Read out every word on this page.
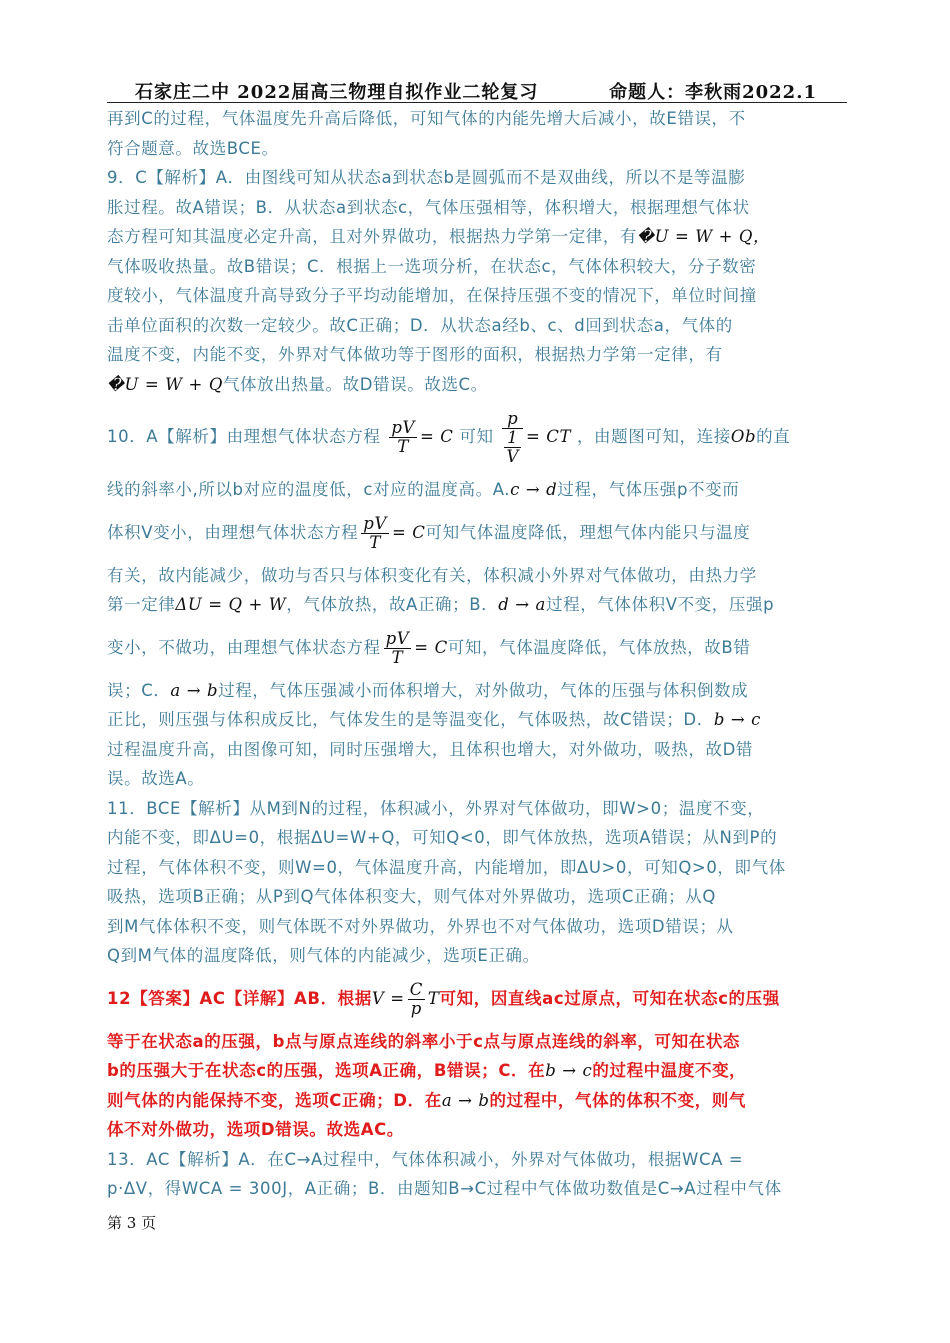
石家庄二中 2022届高三物理自拟作业二轮复习	命题人：李秋雨2022.1
再到C的过程，气体温度先升高后降低，可知气体的内能先增大后减小，故E错误，不
符合题意。故选BCE。
9．C【解析】A．由图线可知从状态a到状态b是圆弧而不是双曲线，所以不是等温膨
胀过程。故A错误；B．从状态a到状态c，气体压强相等，体积增大，根据理想气体状
态方程可知其温度必定升高，且对外界做功，根据热力学第一定律，有�U = W + Q，
气体吸收热量。故B错误；C．根据上一选项分析，在状态c，气体体积较大，分子数密
度较小，气体温度升高导致分子平均动能增加，在保持压强不变的情况下，单位时间撞
击单位面积的次数一定较少。故C正确；D．从状态a经b、c、d回到状态a，气体的
温度不变，内能不变，外界对气体做功等于图形的面积，根据热力学第一定律，有
�U = W + Q气体放出热量。故D错误。故选C。
10．A【解析】由理想气体状态方程 $\frac{pV}{T} = C$ 可知 $\frac{p}{\frac{1}{V}}$ = CT ，由题图可知，连接Ob的直
线的斜率小,所以b对应的温度低，c对应的温度高。A.c → d过程，气体压强p不变而
体积V变小，由理想气体状态方程 $\frac{pV}{T} = C$可知气体温度降低，理想气体内能只与温度
有关，故内能减少，做功与否只与体积变化有关，体积减小外界对气体做功，由热力学
第一定律ΔU = Q + W，气体放热，故A正确；B．d → a过程，气体体积V不变，压强p
变小，不做功，由理想气体状态方程 $\frac{pV}{T} = C$可知，气体温度降低，气体放热，故B错
误；C．a → b过程，气体压强减小而体积增大，对外做功，气体的压强与体积倒数成
正比，则压强与体积成反比，气体发生的是等温变化，气体吸热，故C错误；D．b → c
过程温度升高，由图像可知，同时压强增大，且体积也增大，对外做功，吸热，故D错
误。故选A。
11．BCE【解析】从M到N的过程，体积减小，外界对气体做功，即W>0；温度不变，
内能不变，即ΔU=0，根据ΔU=W+Q，可知Q<0，即气体放热，选项A错误；从N到P的
过程，气体体积不变，则W=0，气体温度升高，内能增加，即ΔU>0，可知Q>0，即气体
吸热，选项B正确；从P到Q气体体积变大，则气体对外界做功，选项C正确；从Q
到M气体体积不变，则气体既不对外界做功，外界也不对气体做功，选项D错误；从
Q到M气体的温度降低，则气体的内能减少，选项E正确。
12【答案】AC【详解】AB．根据$V = \frac{C}{p}$ T可知，因直线ac过原点，可知在状态c的压强
等于在状态a的压强，b点与原点连线的斜率小于c点与原点连线的斜率，可知在状态
b的压强大于在状态c的压强，选项A正确，B错误；C．在b → c的过程中温度不变，
则气体的内能保持不变，选项C正确；D．在a → b的过程中，气体的体积不变，则气
体不对外做功，选项D错误。故选AC。
13．AC【解析】A．在C→A过程中，气体体积减小，外界对气体做功，根据WCA =
p·ΔV，得WCA = 300J，A正确；B．由题知B→C过程中气体做功数值是C→A过程中气体
第 3 页
